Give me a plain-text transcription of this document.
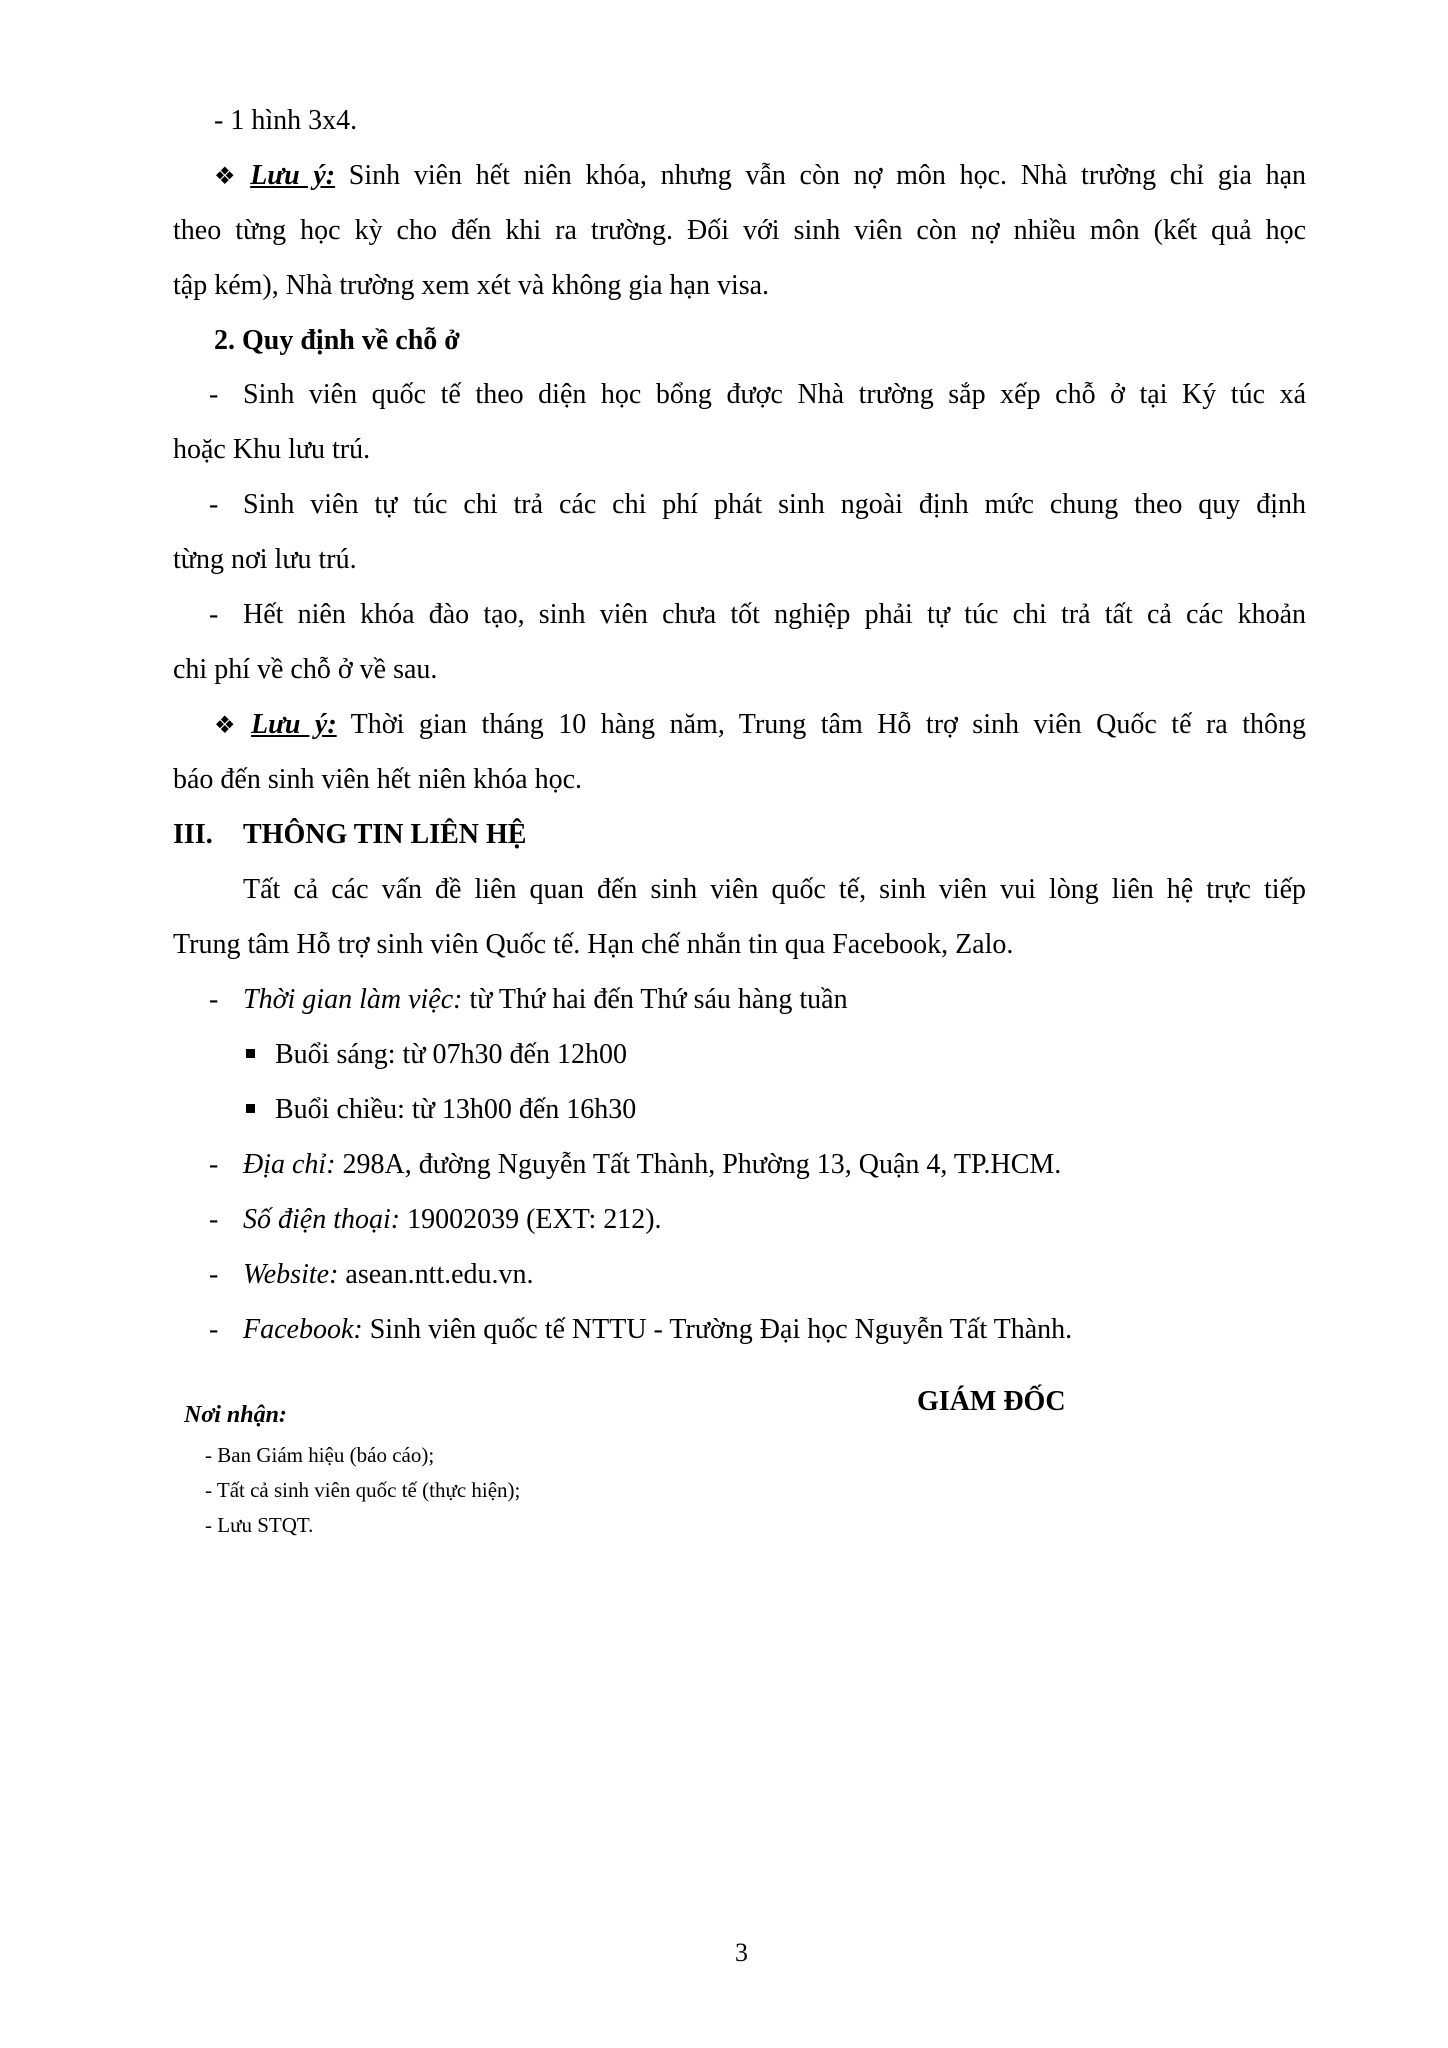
- 1 hình 3x4.
❖ Lưu ý: Sinh viên hết niên khóa, nhưng vẫn còn nợ môn học. Nhà trường chỉ gia hạn
theo từng học kỳ cho đến khi ra trường. Đối với sinh viên còn nợ nhiều môn (kết quả học
tập kém), Nhà trường xem xét và không gia hạn visa.
2. Quy định về chỗ ở
- Sinh viên quốc tế theo diện học bổng được Nhà trường sắp xếp chỗ ở tại Ký túc xá
hoặc Khu lưu trú.
- Sinh viên tự túc chi trả các chi phí phát sinh ngoài định mức chung theo quy định
từng nơi lưu trú.
- Hết niên khóa đào tạo, sinh viên chưa tốt nghiệp phải tự túc chi trả tất cả các khoản
chi phí về chỗ ở về sau.
❖ Lưu ý: Thời gian tháng 10 hàng năm, Trung tâm Hỗ trợ sinh viên Quốc tế ra thông
báo đến sinh viên hết niên khóa học.
III. THÔNG TIN LIÊN HỆ
Tất cả các vấn đề liên quan đến sinh viên quốc tế, sinh viên vui lòng liên hệ trực tiếp
Trung tâm Hỗ trợ sinh viên Quốc tế. Hạn chế nhắn tin qua Facebook, Zalo.
- Thời gian làm việc: từ Thứ hai đến Thứ sáu hàng tuần
Buổi sáng: từ 07h30 đến 12h00
Buổi chiều: từ 13h00 đến 16h30
- Địa chỉ: 298A, đường Nguyễn Tất Thành, Phường 13, Quận 4, TP.HCM.
- Số điện thoại: 19002039 (EXT: 212).
- Website: asean.ntt.edu.vn.
- Facebook: Sinh viên quốc tế NTTU - Trường Đại học Nguyễn Tất Thành.
GIÁM ĐỐC
Nơi nhận:
- Ban Giám hiệu (báo cáo);
- Tất cả sinh viên quốc tế (thực hiện);
- Lưu STQT.
3
